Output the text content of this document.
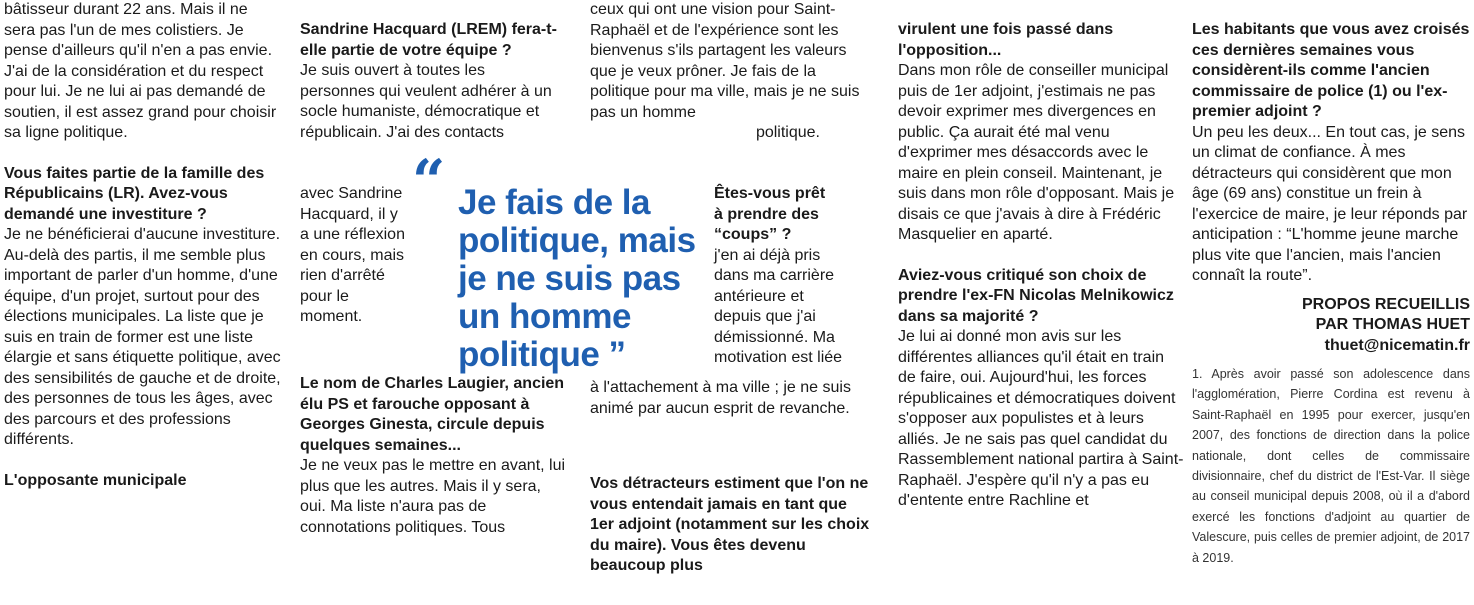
bâtisseur durant 22 ans. Mais il ne sera pas l'un de mes colistiers. Je pense d'ailleurs qu'il n'en a pas envie. J'ai de la considération et du respect pour lui. Je ne lui ai pas demandé de soutien, il est assez grand pour choisir sa ligne politique.

Vous faites partie de la famille des Républicains (LR). Avez-vous demandé une investiture ?

Je ne bénéficierai d'aucune investiture. Au-delà des partis, il me semble plus important de parler d'un homme, d'une équipe, d'un projet, surtout pour des élections municipales. La liste que je suis en train de former est une liste élargie et sans étiquette politique, avec des sensibilités de gauche et de droite, des personnes de tous les âges, avec des parcours et des professions différents.

L'opposante municipale

Sandrine Hacquard (LREM) fera-t-elle partie de votre équipe ?

Je suis ouvert à toutes les personnes qui veulent adhérer à un socle humaniste, démocratique et républicain. J'ai des contacts

avec Sandrine Hacquard, il y a une réflexion en cours, mais rien d'arrêté pour le moment.

Le nom de Charles Laugier, ancien élu PS et farouche opposant à Georges Ginesta, circule depuis quelques semaines...

Je ne veux pas le mettre en avant, lui plus que les autres. Mais il y sera, oui. Ma liste n'aura pas de connotations politiques. Tous

“ Je fais de la politique, mais je ne suis pas un homme politique ”

ceux qui ont une vision pour Saint-Raphaël et de l'expérience sont les bienvenus s'ils partagent les valeurs que je veux prôner. Je fais de la politique pour ma ville, mais je ne suis pas un homme

politique.

Êtes-vous prêt à prendre des “coups” ?

j'en ai déjà pris dans ma carrière antérieure et depuis que j'ai démissionné. Ma motivation est liée

à l'attachement à ma ville ; je ne suis animé par aucun esprit de revanche.

Vos détracteurs estiment que l'on ne vous entendait jamais en tant que 1er adjoint (notamment sur les choix du maire). Vous êtes devenu beaucoup plus

virulent une fois passé dans l'opposition...

Dans mon rôle de conseiller municipal puis de 1er adjoint, j'estimais ne pas devoir exprimer mes divergences en public. Ça aurait été mal venu d'exprimer mes désaccords avec le maire en plein conseil. Maintenant, je suis dans mon rôle d'opposant. Mais je disais ce que j'avais à dire à Frédéric Masquelier en aparté.

Aviez-vous critiqué son choix de prendre l'ex-FN Nicolas Melnikowicz dans sa majorité ?

Je lui ai donné mon avis sur les différentes alliances qu'il était en train de faire, oui. Aujourd'hui, les forces républicaines et démocratiques doivent s'opposer aux populistes et à leurs alliés. Je ne sais pas quel candidat du Rassemblement national partira à Saint-Raphaël. J'espère qu'il n'y a pas eu d'entente entre Rachline et

Les habitants que vous avez croisés ces dernières semaines vous considèrent-ils comme l'ancien commissaire de police (1) ou l'ex-premier adjoint ?

Un peu les deux... En tout cas, je sens un climat de confiance. À mes détracteurs qui considèrent que mon âge (69 ans) constitue un frein à l'exercice de maire, je leur réponds par anticipation : “L'homme jeune marche plus vite que l'ancien, mais l'ancien connaît la route”.

PROPOS RECUEILLIS
PAR THOMAS HUET
thuet@nicematin.fr

1. Après avoir passé son adolescence dans l'agglomération, Pierre Cordina est revenu à Saint-Raphaël en 1995 pour exercer, jusqu'en 2007, des fonctions de direction dans la police nationale, dont celles de commissaire divisionnaire, chef du district de l'Est-Var. Il siège au conseil municipal depuis 2008, où il a d'abord exercé les fonctions d'adjoint au quartier de Valescure, puis celles de premier adjoint, de 2017 à 2019.
